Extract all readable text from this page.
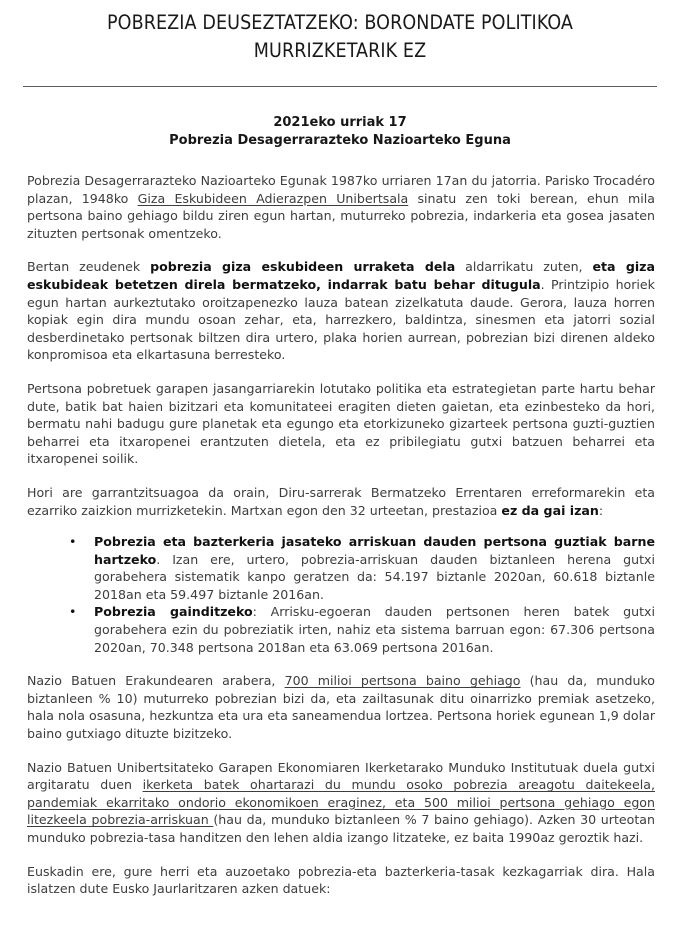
POBREZIA DEUSEZTATZEKO: BORONDATE POLITIKOA
MURRIZKETARIK EZ
2021eko urriak 17
Pobrezia Desagerrarazteko Nazioarteko Eguna

Pobrezia Desagerrarazteko Nazioarteko Egunak 1987ko urriaren 17an du jatorria. Parisko Trocadéro plazan, 1948ko Giza Eskubideen Adierazpen Unibertsala sinatu zen toki berean, ehun mila pertsona baino gehiago bildu ziren egun hartan, muturreko pobrezia, indarkeria eta gosea jasaten zituzten pertsonak omentzeko.

Bertan zeudenek pobrezia giza eskubideen urraketa dela aldarrikatu zuten, eta giza eskubideak betetzen direla bermatzeko, indarrak batu behar ditugula. Printzipio horiek egun hartan aurkeztutako oroitzapenezko lauza batean zizelkatuta daude. Gerora, lauza horren kopiak egin dira mundu osoan zehar, eta, harrezkero, baldintza, sinesmen eta jatorri sozial desberdinetako pertsonak biltzen dira urtero, plaka horien aurrean, pobrezian bizi direnen aldeko konpromisoa eta elkartasuna berresteko.

Pertsona pobretuek garapen jasangarriarekin lotutako politika eta estrategietan parte hartu behar dute, batik bat haien bizitzari eta komunitateei eragiten dieten gaietan, eta ezinbesteko da hori, bermatu nahi badugu gure planetak eta egungo eta etorkizuneko gizarteek pertsona guzti-guztien beharrei eta itxaropenei erantzuten dietela, eta ez pribilegiatu gutxi batzuen beharrei eta itxaropenei soilik.

Hori are garrantzitsuagoa da orain, Diru-sarrerak Bermatzeko Errentaren erreformarekin eta ezarriko zaizkion murrizketekin. Martxan egon den 32 urteetan, prestazioa ez da gai izan:

• Pobrezia eta bazterkeria jasateko arriskuan dauden pertsona guztiak barne hartzeko. Izan ere, urtero, pobrezia-arriskuan dauden biztanleen herena gutxi gorabehera sistematik kanpo geratzen da: 54.197 biztanle 2020an, 60.618 biztanle 2018an eta 59.497 biztanle 2016an.
• Pobrezia gainditzeko: Arrisku-egoeran dauden pertsonen heren batek gutxi gorabehera ezin du pobreziatik irten, nahiz eta sistema barruan egon: 67.306 pertsona 2020an, 70.348 pertsona 2018an eta 63.069 pertsona 2016an.

Nazio Batuen Erakundearen arabera, 700 milioi pertsona baino gehiago (hau da, munduko biztanleen % 10) muturreko pobrezian bizi da, eta zailtasunak ditu oinarrizko premiak asetzeko, hala nola osasuna, hezkuntza eta ura eta saneamendua lortzea. Pertsona horiek egunean 1,9 dolar baino gutxiago dituzte bizitzeko.

Nazio Batuen Unibertsitateko Garapen Ekonomiaren Ikerketarako Munduko Institutuak duela gutxi argitaratu duen ikerketa batek ohartarazi du mundu osoko pobrezia areagotu daitekeela, pandemiak ekarritako ondorio ekonomikoen eraginez, eta 500 milioi pertsona gehiago egon litezkeela pobrezia-arriskuan (hau da, munduko biztanleen % 7 baino gehiago). Azken 30 urteotan munduko pobrezia-tasa handitzen den lehen aldia izango litzateke, ez baita 1990az geroztik hazi.

Euskadin ere, gure herri eta auzoetako pobrezia-eta bazterkeria-tasak kezkagarriak dira. Hala islatzen dute Eusko Jaurlaritzaren azken datuek:
